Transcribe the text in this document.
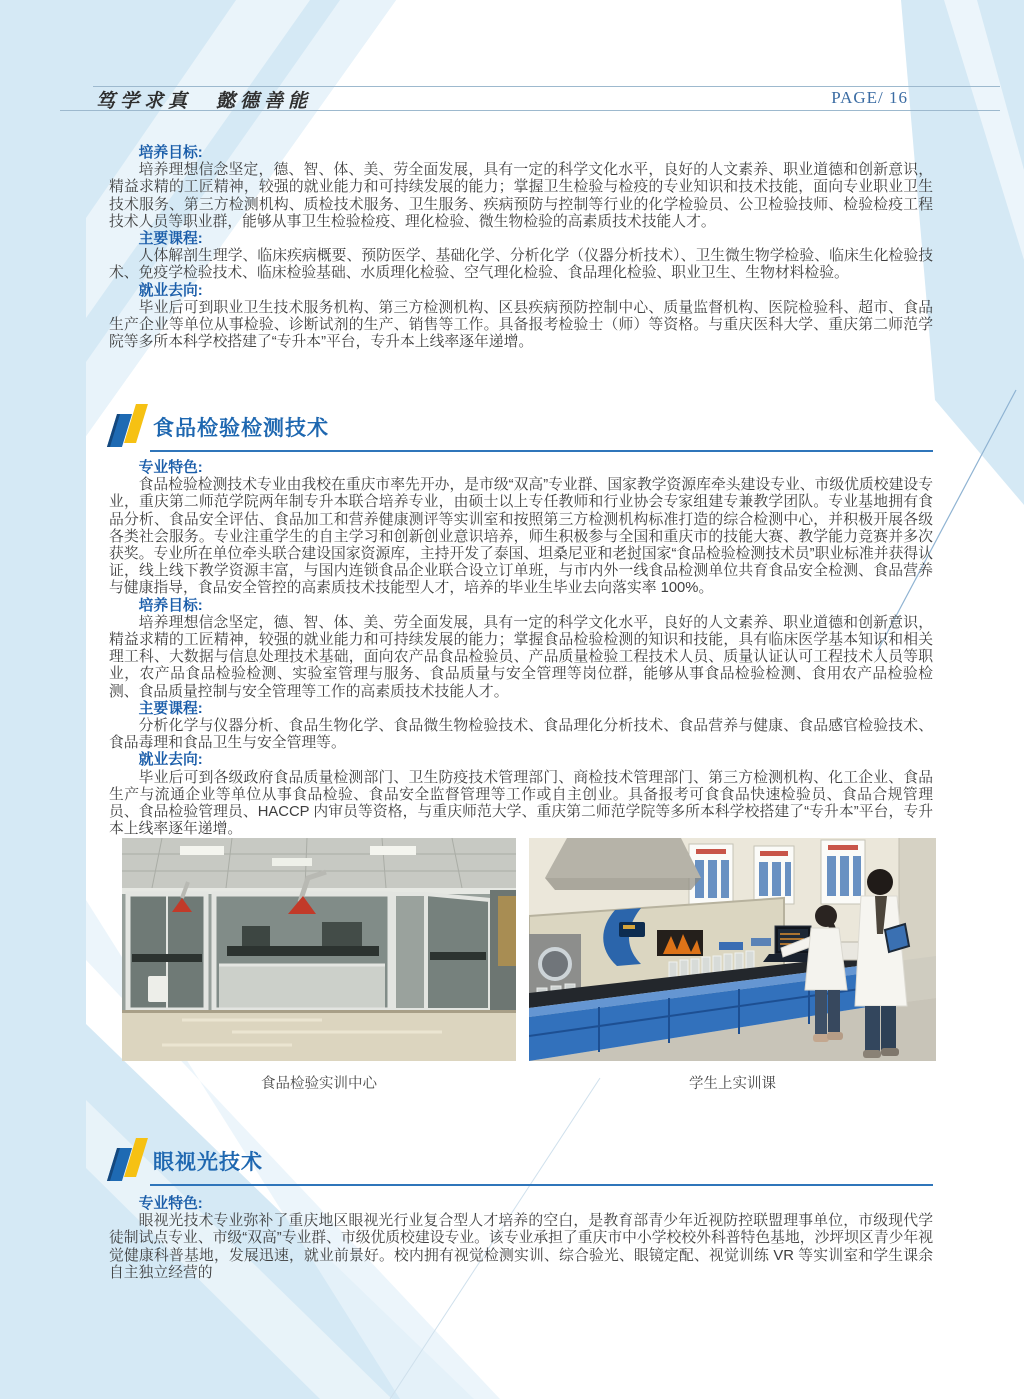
笃学求真　懿德善能	PAGE/ 16
培养目标:

培养理想信念坚定，德、智、体、美、劳全面发展，具有一定的科学文化水平，良好的人文素养、职业道德和创新意识，精益求精的工匠精神，较强的就业能力和可持续发展的能力；掌握卫生检验与检疫的专业知识和技术技能，面向专业职业卫生技术服务、第三方检测机构、质检技术服务、卫生服务、疾病预防与控制等行业的化学检验员、公卫检验技师、检验检疫工程技术人员等职业群，能够从事卫生检验检疫、理化检验、微生物检验的高素质技术技能人才。

主要课程:

人体解剖生理学、临床疾病概要、预防医学、基础化学、分析化学（仪器分析技术）、卫生微生物学检验、临床生化检验技术、免疫学检验技术、临床检验基础、水质理化检验、空气理化检验、食品理化检验、职业卫生、生物材料检验。

就业去向:

毕业后可到职业卫生技术服务机构、第三方检测机构、区县疾病预防控制中心、质量监督机构、医院检验科、超市、食品生产企业等单位从事检验、诊断试剂的生产、销售等工作。具备报考检验士（师）等资格。与重庆医科大学、重庆第二师范学院等多所本科学校搭建了“专升本”平台，专升本上线率逐年递增。

食品检验检测技术
专业特色:

食品检验检测技术专业由我校在重庆市率先开办，是市级“双高”专业群、国家教学资源库牵头建设专业、市级优质校建设专业，重庆第二师范学院两年制专升本联合培养专业，由硕士以上专任教师和行业协会专家组建专兼教学团队。专业基地拥有食品分析、食品安全评估、食品加工和营养健康测评等实训室和按照第三方检测机构标准打造的综合检测中心，并积极开展各级各类社会服务。专业注重学生的自主学习和创新创业意识培养，师生积极参与全国和重庆市的技能大赛、教学能力竞赛并多次获奖。专业所在单位牵头联合建设国家资源库，主持开发了泰国、坦桑尼亚和老挝国家“食品检验检测技术员”职业标准并获得认证，线上线下教学资源丰富，与国内连锁食品企业联合设立订单班，与市内外一线食品检测单位共育食品安全检测、食品营养与健康指导，食品安全管控的高素质技术技能型人才，培养的毕业生毕业去向落实率 100%。

培养目标:

培养理想信念坚定，德、智、体、美、劳全面发展，具有一定的科学文化水平，良好的人文素养、职业道德和创新意识，精益求精的工匠精神，较强的就业能力和可持续发展的能力；掌握食品检验检测的知识和技能，具有临床医学基本知识和相关理工科、大数据与信息处理技术基础，面向农产品食品检验员、产品质量检验工程技术人员、质量认证认可工程技术人员等职业，农产品食品检验检测、实验室管理与服务、食品质量与安全管理等岗位群，能够从事食品检验检测、食用农产品检验检测、食品质量控制与安全管理等工作的高素质技术技能人才。

主要课程:

分析化学与仪器分析、食品生物化学、食品微生物检验技术、食品理化分析技术、食品营养与健康、食品感官检验技术、食品毒理和食品卫生与安全管理等。

就业去向:

毕业后可到各级政府食品质量检测部门、卫生防疫技术管理部门、商检技术管理部门、第三方检测机构、化工企业、食品生产与流通企业等单位从事食品检验、食品安全监督管理等工作或自主创业。具备报考可食食品快速检验员、食品合规管理员、食品检验管理员、HACCP 内审员等资格，与重庆师范大学、重庆第二师范学院等多所本科学校搭建了“专升本”平台，专升本上线率逐年递增。

食品检验实训中心	学生上实训课
眼视光技术
专业特色:

眼视光技术专业弥补了重庆地区眼视光行业复合型人才培养的空白，是教育部青少年近视防控联盟理事单位，市级现代学徒制试点专业、市级“双高”专业群、市级优质校建设专业。该专业承担了重庆市中小学校校外科普特色基地，沙坪坝区青少年视觉健康科普基地，发展迅速，就业前景好。校内拥有视觉检测实训、综合验光、眼镜定配、视觉训练 VR 等实训室和学生课余自主独立经营的
